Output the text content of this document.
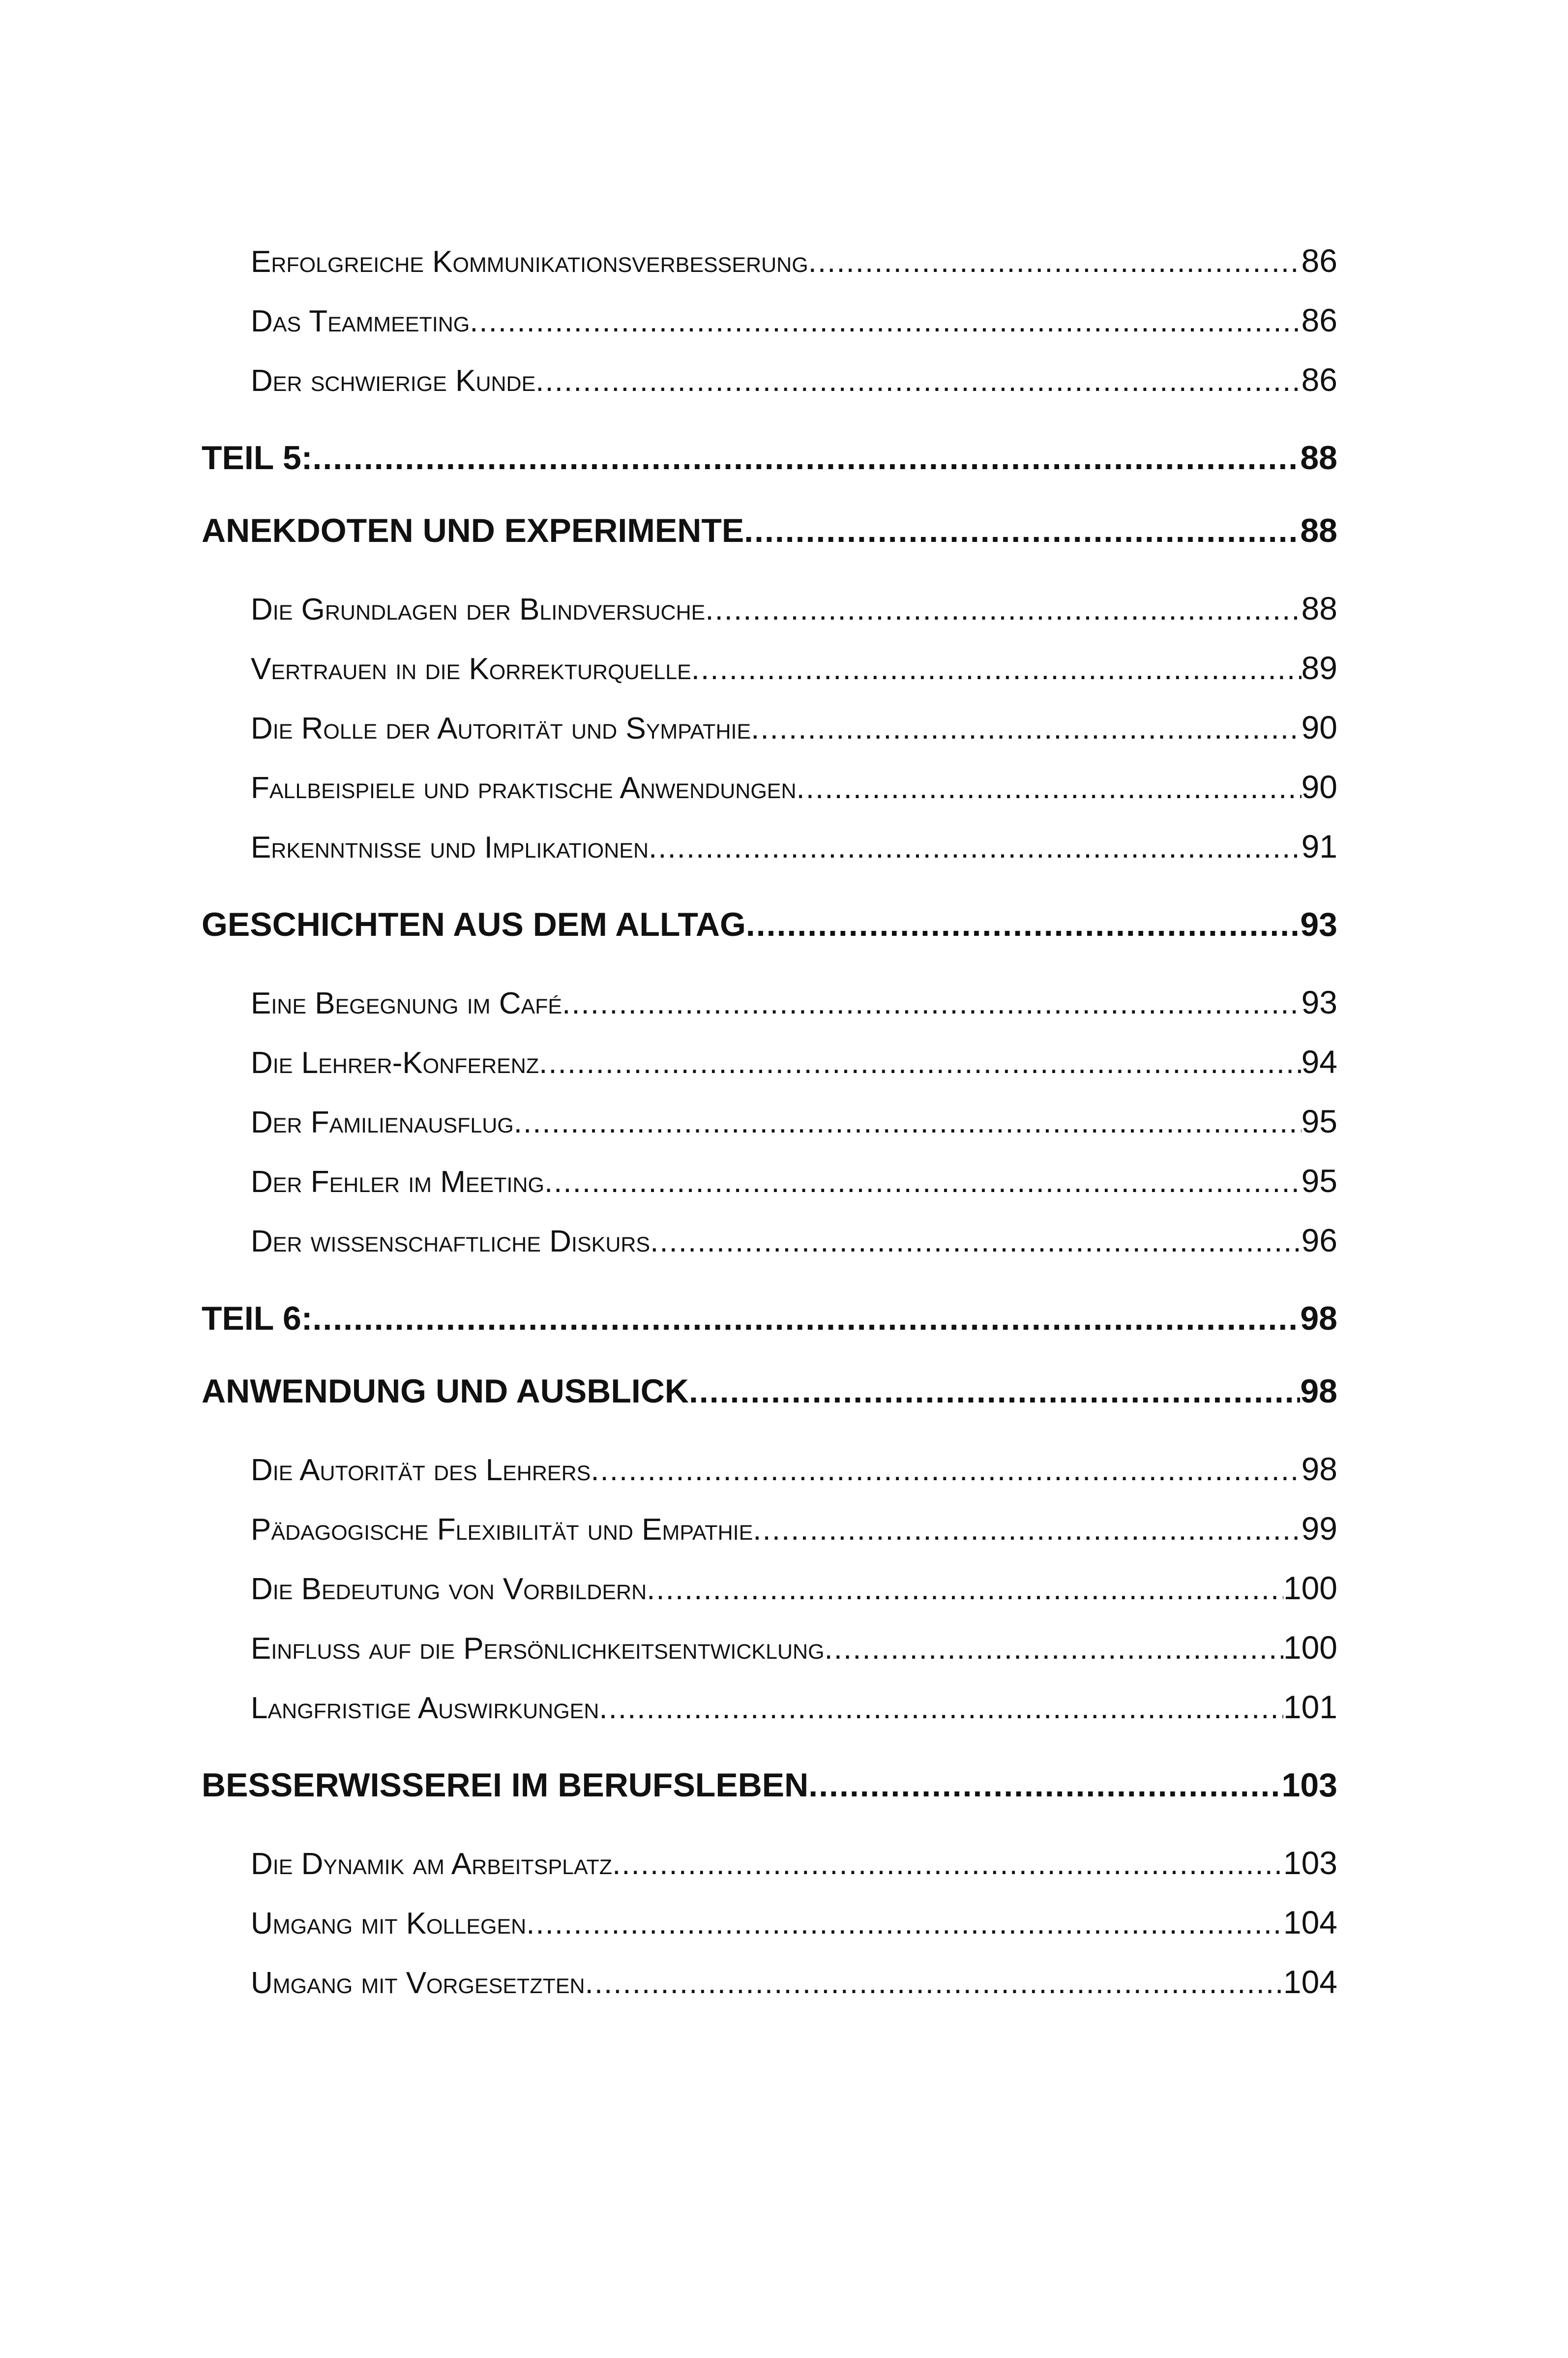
Erfolgreiche Kommunikationsverbesserung .....	86
Das Teammeeting .....	86
Der schwierige Kunde .....	86
TEIL 5: .....	88
ANEKDOTEN UND EXPERIMENTE .....	88
Die Grundlagen der Blindversuche .....	88
Vertrauen in die Korrekturquelle .....	89
Die Rolle der Autorität und Sympathie .....	90
Fallbeispiele und praktische Anwendungen .....	90
Erkenntnisse und Implikationen .....	91
GESCHICHTEN AUS DEM ALLTAG .....	93
Eine Begegnung im Café .....	93
Die Lehrer-Konferenz .....	94
Der Familienausflug .....	95
Der Fehler im Meeting .....	95
Der wissenschaftliche Diskurs .....	96
TEIL 6: .....	98
ANWENDUNG UND AUSBLICK .....	98
Die Autorität des Lehrers .....	98
Pädagogische Flexibilität und Empathie .....	99
Die Bedeutung von Vorbildern .....	100
Einfluss auf die Persönlichkeitsentwicklung .....	100
Langfristige Auswirkungen .....	101
BESSERWISSEREI IM BERUFSLEBEN .....	103
Die Dynamik am Arbeitsplatz .....	103
Umgang mit Kollegen .....	104
Umgang mit Vorgesetzten .....	104
